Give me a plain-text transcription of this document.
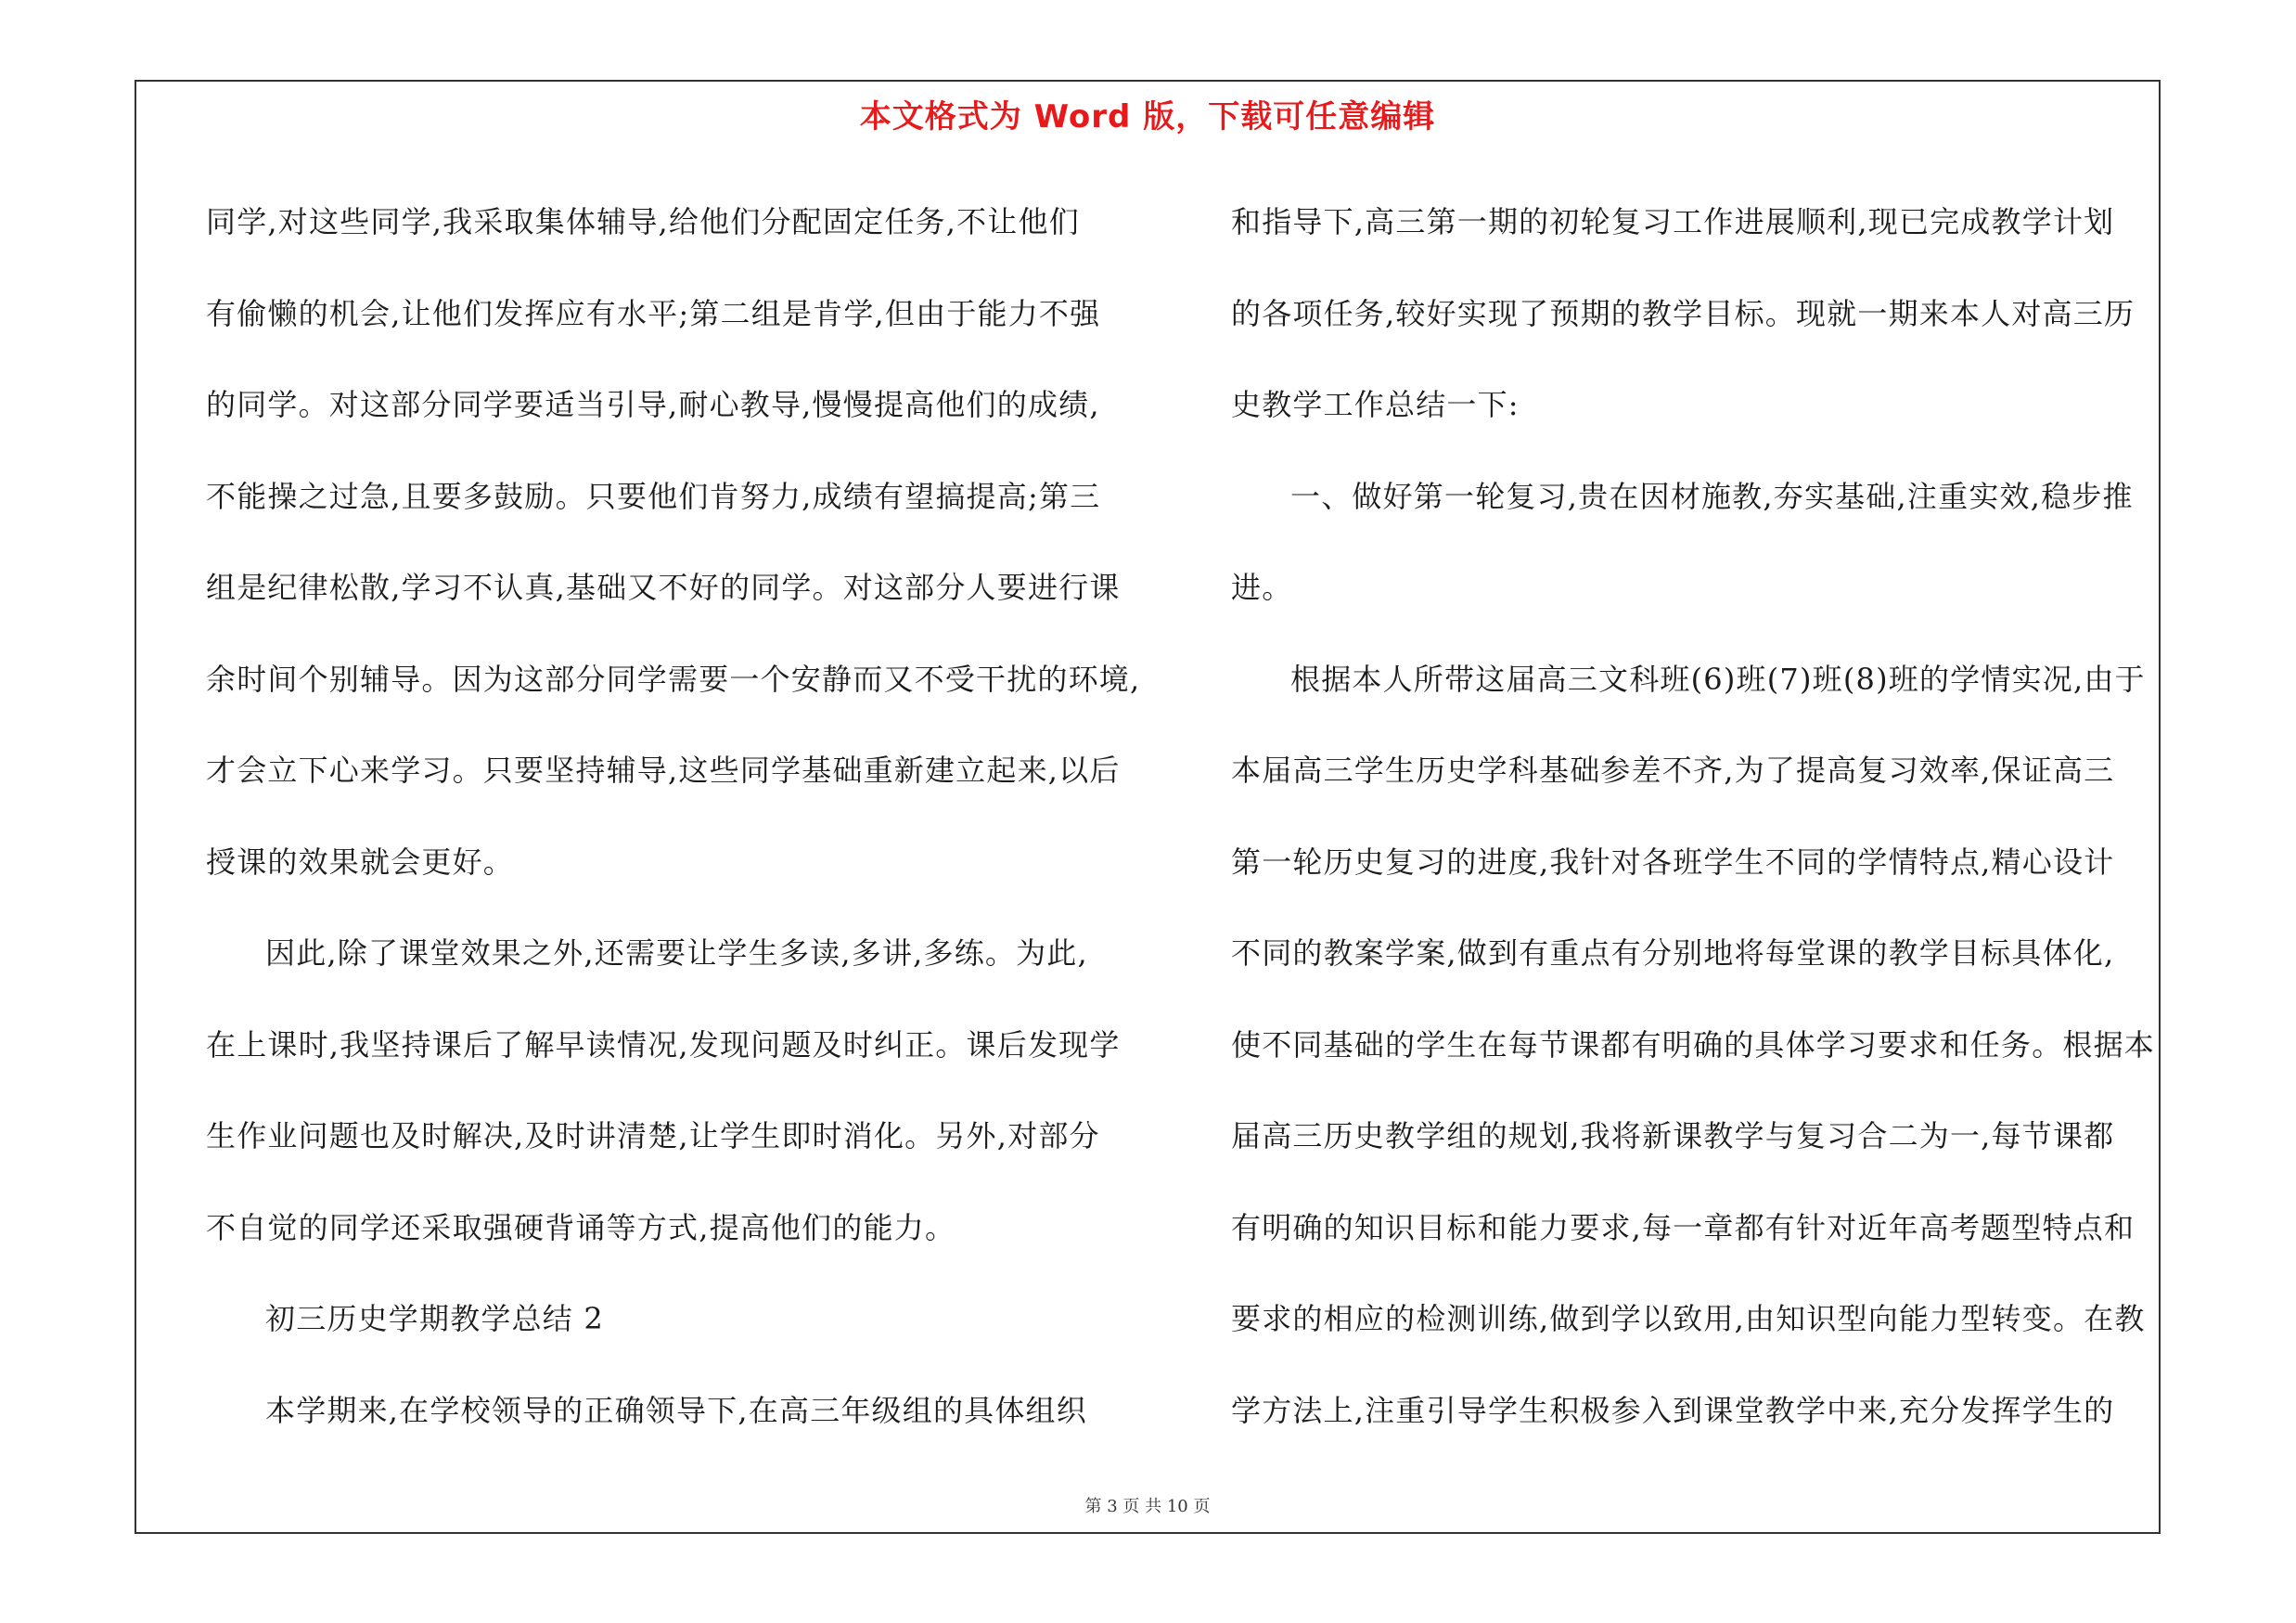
本文格式为 Word 版，下载可任意编辑
同学,对这些同学,我采取集体辅导,给他们分配固定任务,不让他们
有偷懒的机会,让他们发挥应有水平;第二组是肯学,但由于能力不强
的同学。对这部分同学要适当引导,耐心教导,慢慢提高他们的成绩,
不能操之过急,且要多鼓励。只要他们肯努力,成绩有望搞提高;第三
组是纪律松散,学习不认真,基础又不好的同学。对这部分人要进行课
余时间个别辅导。因为这部分同学需要一个安静而又不受干扰的环境,
才会立下心来学习。只要坚持辅导,这些同学基础重新建立起来,以后
授课的效果就会更好。
因此,除了课堂效果之外,还需要让学生多读,多讲,多练。为此,
在上课时,我坚持课后了解早读情况,发现问题及时纠正。课后发现学
生作业问题也及时解决,及时讲清楚,让学生即时消化。另外,对部分
不自觉的同学还采取强硬背诵等方式,提高他们的能力。
初三历史学期教学总结 2
本学期来,在学校领导的正确领导下,在高三年级组的具体组织
和指导下,高三第一期的初轮复习工作进展顺利,现已完成教学计划
的各项任务,较好实现了预期的教学目标。现就一期来本人对高三历
史教学工作总结一下:
一、做好第一轮复习,贵在因材施教,夯实基础,注重实效,稳步推
进。
根据本人所带这届高三文科班(6)班(7)班(8)班的学情实况,由于
本届高三学生历史学科基础参差不齐,为了提高复习效率,保证高三
第一轮历史复习的进度,我针对各班学生不同的学情特点,精心设计
不同的教案学案,做到有重点有分别地将每堂课的教学目标具体化,
使不同基础的学生在每节课都有明确的具体学习要求和任务。根据本
届高三历史教学组的规划,我将新课教学与复习合二为一,每节课都
有明确的知识目标和能力要求,每一章都有针对近年高考题型特点和
要求的相应的检测训练,做到学以致用,由知识型向能力型转变。在教
学方法上,注重引导学生积极参入到课堂教学中来,充分发挥学生的
第 3 页 共 10 页
